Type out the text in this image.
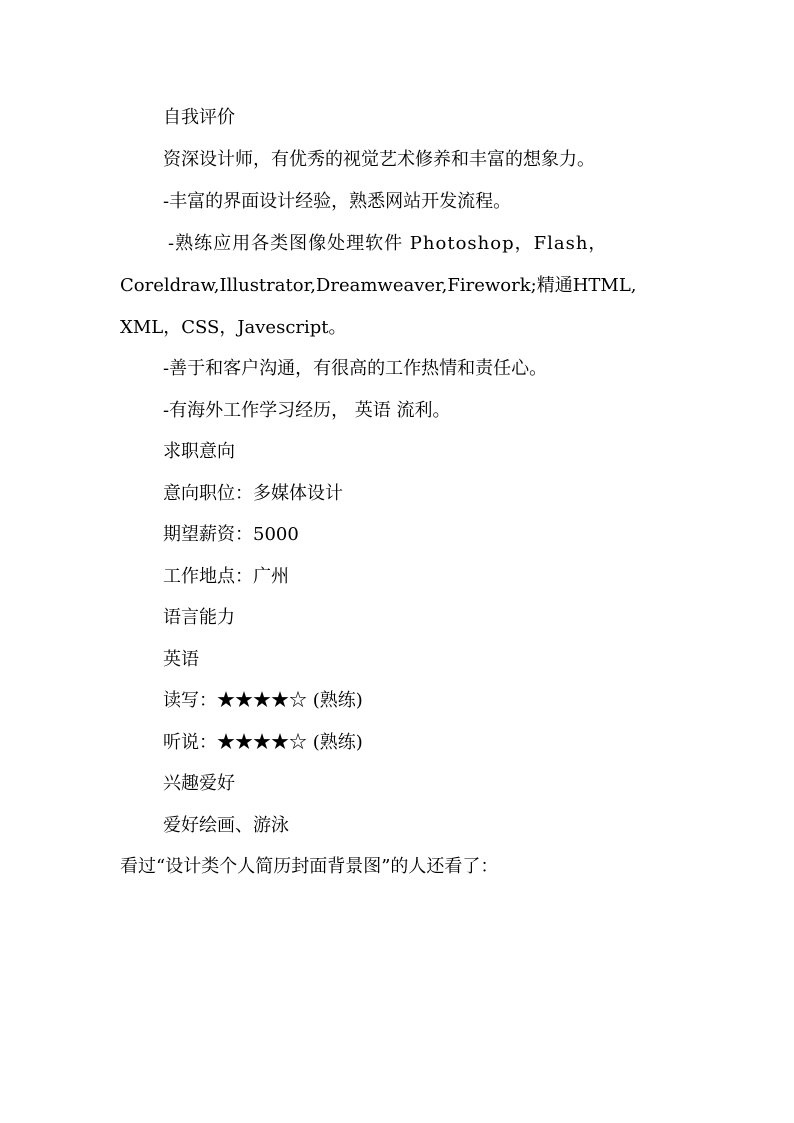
自我评价
资深设计师，有优秀的视觉艺术修养和丰富的想象力。
-丰富的界面设计经验，熟悉网站开发流程。
-熟练应用各类图像处理软件 Photoshop，Flash，
Coreldraw,Illustrator,Dreamweaver,Firework;精通HTML,
XML，CSS，Javescript。
-善于和客户沟通，有很高的工作热情和责任心。
-有海外工作学习经历， 英语 流利。
求职意向
意向职位：多媒体设计
期望薪资：5000
工作地点：广州
语言能力
英语
读写：★★★★☆ (熟练)
听说：★★★★☆ (熟练)
兴趣爱好
爱好绘画、游泳
看过“设计类个人简历封面背景图”的人还看了：
